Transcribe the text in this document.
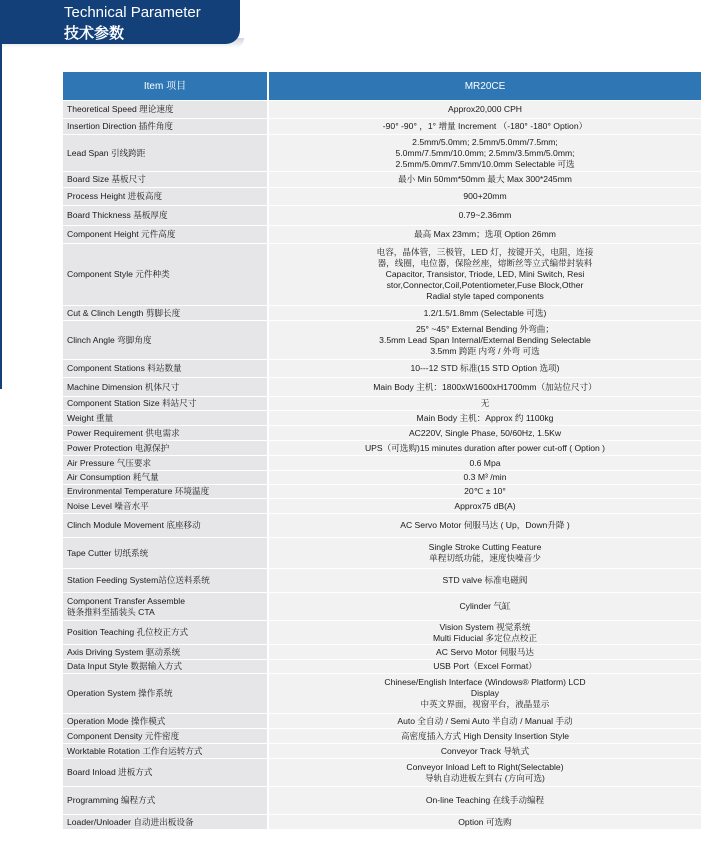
Technical Parameter
技术参数
Item 项目	MR20CE

Theoretical Speed 理论速度	Approx20,000 CPH

Insertion Direction 插件角度	-90° -90° ，1° 增量 Increment （-180° -180° Option）

Lead Span 引线跨距	2.5mm/5.0mm; 2.5mm/5.0mm/7.5mm;
5.0mm/7.5mm/10.0mm; 2.5mm/3.5mm/5.0mm;
2.5mm/5.0mm/7.5mm/10.0mm Selectable 可选

Board Size 基板尺寸	最小 Min 50mm*50mm 最大 Max 300*245mm

Process Height 进板高度	900+20mm

Board Thickness 基板厚度	0.79~2.36mm

Component Height 元件高度	最高 Max 23mm；选项 Option 26mm

Component Style 元件种类	电容，晶体管，三极管，LED 灯，按键开关，电阻，连接
器，线圈，电位器，保险丝座，熔断丝等立式编带封装料
Capacitor, Transistor, Triode, LED, Mini Switch, Resi
stor,Connector,Coil,Potentiometer,Fuse Block,Other
Radial style taped components

Cut & Clinch Length 剪脚长度	1.2/1.5/1.8mm (Selectable 可选)

Clinch Angle 弯脚角度	25° ~45° External Bending 外弯曲；
3.5mm Lead Span Internal/External Bending Selectable
3.5mm 跨距 内弯 / 外弯 可选

Component Stations 料站数量	10---12 STD 标准(15 STD Option 选项)

Machine Dimension 机体尺寸	Main Body 主机：1800xW1600xH1700mm（加站位尺寸）

Component Station Size 料站尺寸	无

Weight 重量	Main Body 主机：Approx 约 1100kg

Power Requirement 供电需求	AC220V, Single Phase, 50/60Hz, 1.5Kw

Power Protection 电源保护	UPS（可选购)15 minutes duration after power cut-off ( Option )

Air Pressure 气压要求	0.6 Mpa

Air Consumption 耗气量	0.3 M³ /min

Environmental Temperature 环境温度	20℃ ± 10°

Noise Level 噪音水平	Approx75 dB(A)

Clinch Module Movement 底座移动	AC Servo Motor 伺服马达 ( Up，Down升降 )

Tape Cutter 切纸系统	Single Stroke Cutting Feature
单程切纸功能，速度快噪音少

Station Feeding System站位送料系统	STD valve 标准电磁阀

Component Transfer Assemble
链条推料至插装头 CTA	Cylinder 气缸

Position Teaching 孔位校正方式	Vision System 视觉系统
Multi Fiducial 多定位点校正

Axis Driving System 驱动系统	AC Servo Motor 伺服马达

Data Input Style 数据输入方式	USB Port（Excel Format）

Operation System 操作系统	Chinese/English Interface (Windows® Platform) LCD
Display
中英文界面，视窗平台，液晶显示

Operation Mode 操作模式	Auto 全自动 / Semi Auto 半自动 / Manual 手动

Component Density 元件密度	高密度插入方式 High Density Insertion Style

Worktable Rotation 工作台运转方式	Conveyor Track 导轨式

Board Inload 进板方式	Conveyor Inload Left to Right(Selectable)
导轨自动进板左到右 (方向可选)

Programming 编程方式	On-line Teaching 在线手动编程

Loader/Unloader 自动进出板设备	Option 可选购
